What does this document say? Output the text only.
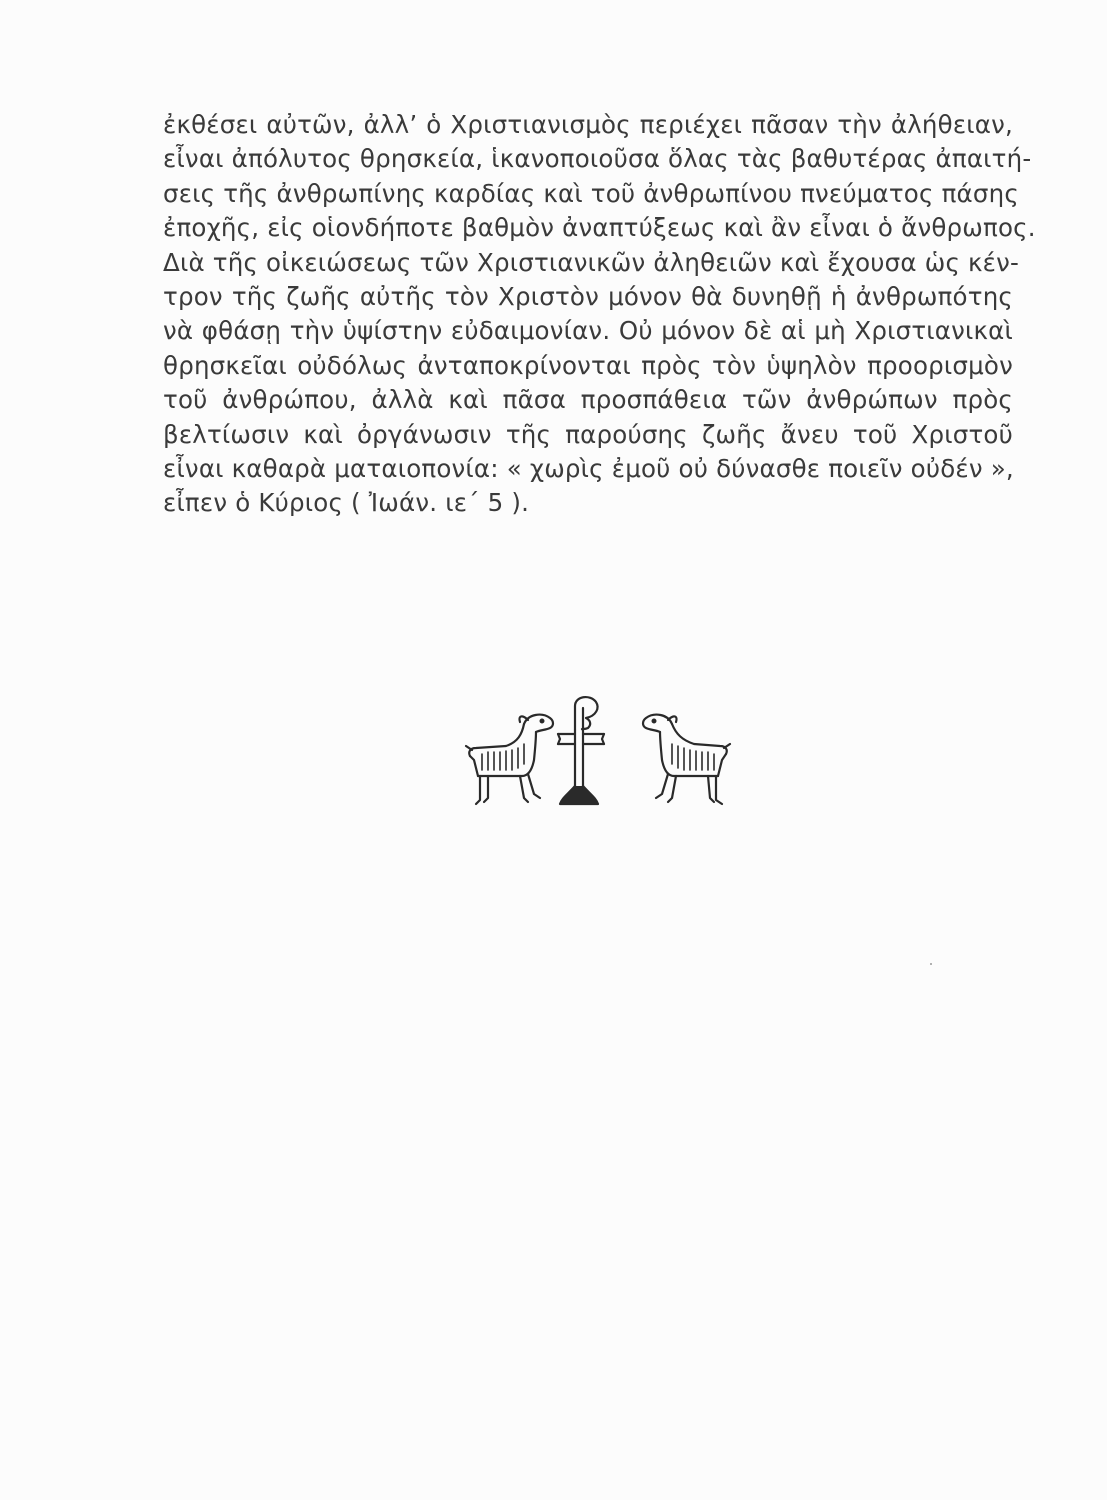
ἐκθέσει αὐτῶν, ἀλλ’ ὁ Χριστιανισμὸς περιέχει πᾶσαν τὴν ἀλήθειαν,
εἶναι ἀπόλυτος θρησκεία, ἱκανοποιοῦσα ὅλας τὰς βαθυτέρας ἀπαιτή-
σεις τῆς ἀνθρωπίνης καρδίας καὶ τοῦ ἀνθρωπίνου πνεύματος πάσης
ἐποχῆς, εἰς οἱονδήποτε βαθμὸν ἀναπτύξεως καὶ ἂν εἶναι ὁ ἄνθρωπος.
Διὰ τῆς οἰκειώσεως τῶν Χριστιανικῶν ἀληθειῶν καὶ ἔχουσα ὡς κέν-
τρον τῆς ζωῆς αὐτῆς τὸν Χριστὸν μόνον θὰ δυνηθῇ ἡ ἀνθρωπότης
νὰ φθάσῃ τὴν ὑψίστην εὐδαιμονίαν. Οὐ μόνον δὲ αἱ μὴ Χριστιανικαὶ
θρησκεῖαι οὐδόλως ἀνταποκρίνονται πρὸς τὸν ὑψηλὸν προορισμὸν
τοῦ ἀνθρώπου, ἀλλὰ καὶ πᾶσα προσπάθεια τῶν ἀνθρώπων πρὸς
βελτίωσιν καὶ ὀργάνωσιν τῆς παρούσης ζωῆς ἄνευ τοῦ Χριστοῦ
εἶναι καθαρὰ ματαιοπονία: « χωρὶς ἐμοῦ οὐ δύνασθε ποιεῖν οὐδέν »,
εἶπεν ὁ Κύριος ( Ἰωάν. ιε΄ 5 ).
